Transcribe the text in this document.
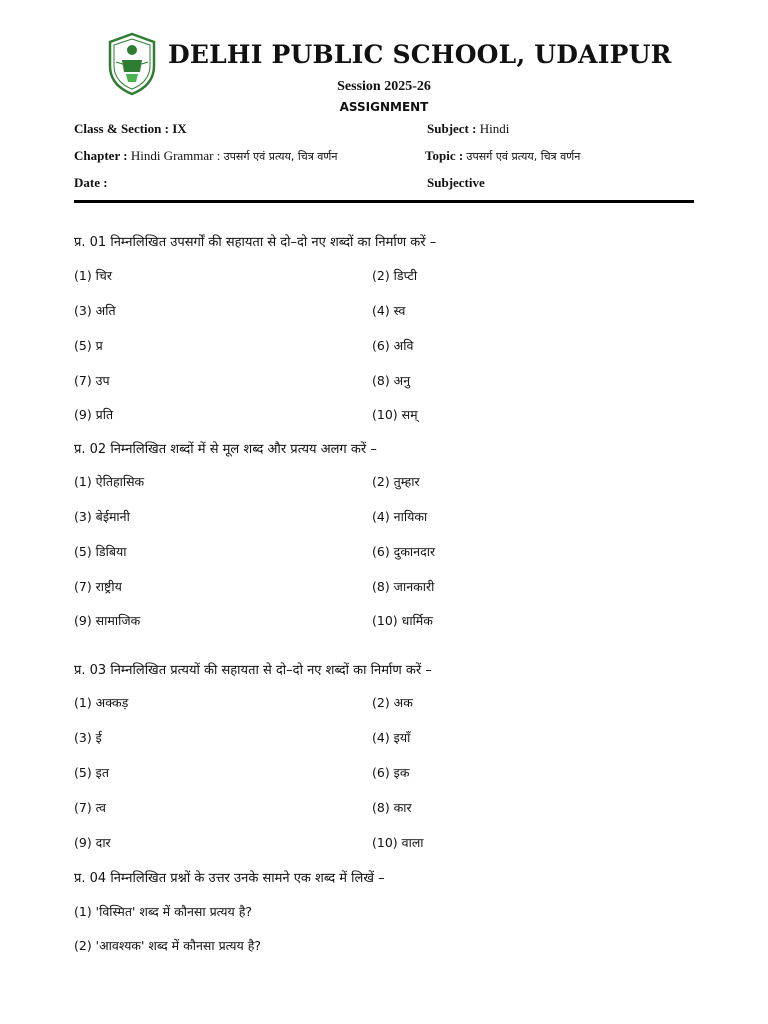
DELHI PUBLIC SCHOOL, UDAIPUR
Session 2025-26
ASSIGNMENT
Class & Section : IX	Subject : Hindi
Chapter : Hindi Grammar : उपसर्ग एवं प्रत्यय, चित्र वर्णन	Topic : उपसर्ग एवं प्रत्यय, चित्र वर्णन
Date :	Subjective
प्र. 01 निम्नलिखित उपसर्गों की सहायता से दो–दो नए शब्दों का निर्माण करें –
(1) चिर	(2) डिप्टी
(3) अति	(4) स्व
(5) प्र	(6) अवि
(7) उप	(8) अनु
(9) प्रति	(10) सम्
प्र. 02 निम्नलिखित शब्दों में से मूल शब्द और प्रत्यय अलग करें –
(1) ऐतिहासिक	(2) तुम्हार
(3) बेईमानी	(4) नायिका
(5) डिबिया	(6) दुकानदार
(7) राष्ट्रीय	(8) जानकारी
(9) सामाजिक	(10) धार्मिक
प्र. 03 निम्नलिखित प्रत्ययों की सहायता से दो–दो नए शब्दों का निर्माण करें –
(1) अक्कड़	(2) अक
(3) ई	(4) इयाँ
(5) इत	(6) इक
(7) त्व	(8) कार
(9) दार	(10) वाला
प्र. 04 निम्नलिखित प्रश्नों के उत्तर उनके सामने एक शब्द में लिखें –
(1) 'विस्मित' शब्द में कौनसा प्रत्यय है?
(2) 'आवश्यक' शब्द में कौनसा प्रत्यय है?
